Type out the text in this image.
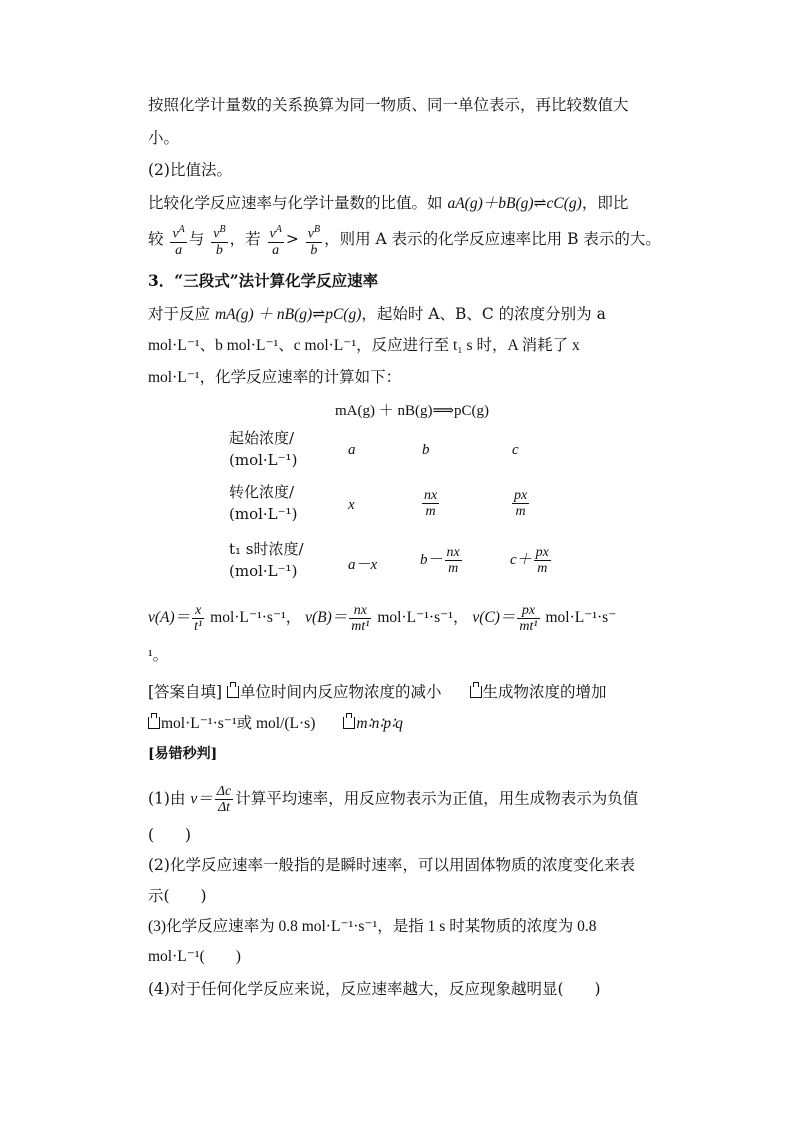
按照化学计量数的关系换算为同一物质、同一单位表示，再比较数值大
小。
(2)比值法。
比较化学反应速率与化学计量数的比值。如 aA(g)＋bB(g)⇌cC(g)，即比
较 $\frac{v^A}{a}$ 与 $\frac{v^B}{b}$ ，若 $\frac{v^A}{a} > \frac{v^B}{b}$ ，则用 A 表示的化学反应速率比用 B 表示的大。
3．“三段式”法计算化学反应速率
对于反应 mA(g) ＋ nB(g)⇌pC(g)，起始时 A、B、C 的浓度分别为 a
mol·L⁻¹、b mol·L⁻¹、c mol·L⁻¹，反应进行至 t₁ s 时，A 消耗了 x
mol·L⁻¹，化学反应速率的计算如下：
mA(g) ＋ nB(g)⟹pC(g)
起始浓度/
(mol·L⁻¹)
a	b	c
转化浓度/
(mol·L⁻¹)	x	$\frac{nx}{m}$	$\frac{px}{m}$
t₁ s时浓度/
(mol·L⁻¹)	a－x	$b- \frac{nx}{m}$	$c+ \frac{px}{m}$
$v(A)= \frac{x}{\text{t¹}} mol\cdot L^{-1}\cdot s^{-1}$， $v(B)= \frac{nx}{\text{mt¹}} mol\cdot L^{-1}\cdot s^{-1}$， $v(C)= \frac{px}{\text{mt¹}} mol\cdot L^{-1}\cdot s^-$
¹。
[答案自填] 单位时间内反应物浓度的减小	生成物浓度的增加
mol·L⁻¹·s⁻¹或 mol/(L·s)	m∶n∶p∶q
[易错秒判]
(1)由 $v= \frac{\Delta c}{\Delta t}$ 计算平均速率，用反应物表示为正值，用生成物表示为负值
(　　)
(2)化学反应速率一般指的是瞬时速率，可以用固体物质的浓度变化来表
示(　　)
(3)化学反应速率为 0.8 mol·L⁻¹·s⁻¹，是指 1 s 时某物质的浓度为 0.8
mol·L⁻¹(　　)
(4)对于任何化学反应来说，反应速率越大，反应现象越明显(　　)
